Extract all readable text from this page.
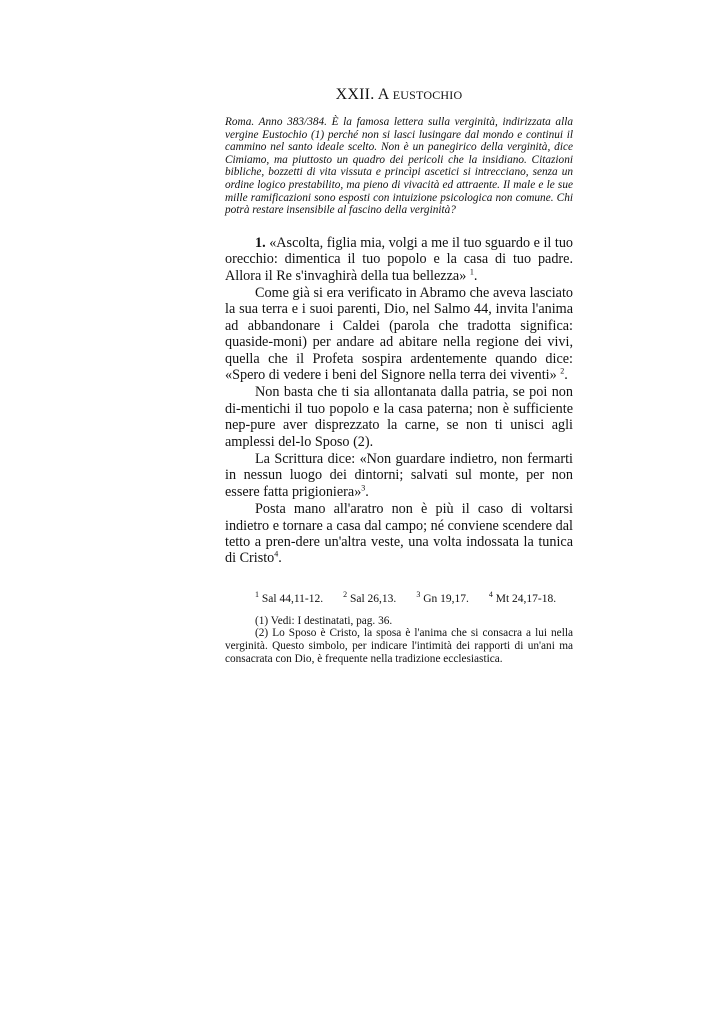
XXII. A EUSTOCHIO
Roma. Anno 383/384. È la famosa lettera sulla verginità, indirizzata alla vergine Eustochio (1) perché non si lasci lusingare dal mondo e continui il cammino nel santo ideale scelto. Non è un panegirico della verginità, dice Cimiamo, ma piuttosto un quadro dei pericoli che la insidiano. Citazioni bibliche, bozzetti di vita vissuta e princìpi ascetici si intrecciano, senza un ordine logico prestabilito, ma pieno di vivacità ed attraente. Il male e le sue mille ramificazioni sono esposti con intuizione psicologica non comune. Chi potrà restare insensibile al fascino della verginità?

1. «Ascolta, figlia mia, volgi a me il tuo sguardo e il tuo orecchio: dimentica il tuo popolo e la casa di tuo padre. Allora il Re s'invaghirà della tua bellezza» $^1$.

Come già si era verificato in Abramo che aveva lasciato la sua terra e i suoi parenti, Dio, nel Salmo 44, invita l'anima ad abbandonare i Caldei (parola che tradotta significa: quaside-moni) per andare ad abitare nella regione dei vivi, quella che il Profeta sospira ardentemente quando dice: «Spero di vedere i beni del Signore nella terra dei viventi» $^2$.

Non basta che ti sia allontanata dalla patria, se poi non di-mentichi il tuo popolo e la casa paterna; non è sufficiente nep-pure aver disprezzato la carne, se non ti unisci agli amplessi del-lo Sposo (2).

La Scrittura dice: «Non guardare indietro, non fermarti in nessun luogo dei dintorni; salvati sul monte, per non essere fatta prigioniera»$^3$.

Posta mano all'aratro non è più il caso di voltarsi indietro e tornare a casa dal campo; né conviene scendere dal tetto a pren-dere un'altra veste, una volta indossata la tunica di Cristo$^4$.

$^1$ Sal 44,11-12.	$^2$ Sal 26,13.	$^3$ Gn 19,17.	$^4$ Mt 24,17-18.

(1) Vedi: I destinatati, pag. 36.

(2) Lo Sposo è Cristo, la sposa è l'anima che si consacra a lui nella verginità. Questo simbolo, per indicare l'intimità dei rapporti di un'ani ma consacrata con Dio, è frequente nella tradizione ecclesiastica.
